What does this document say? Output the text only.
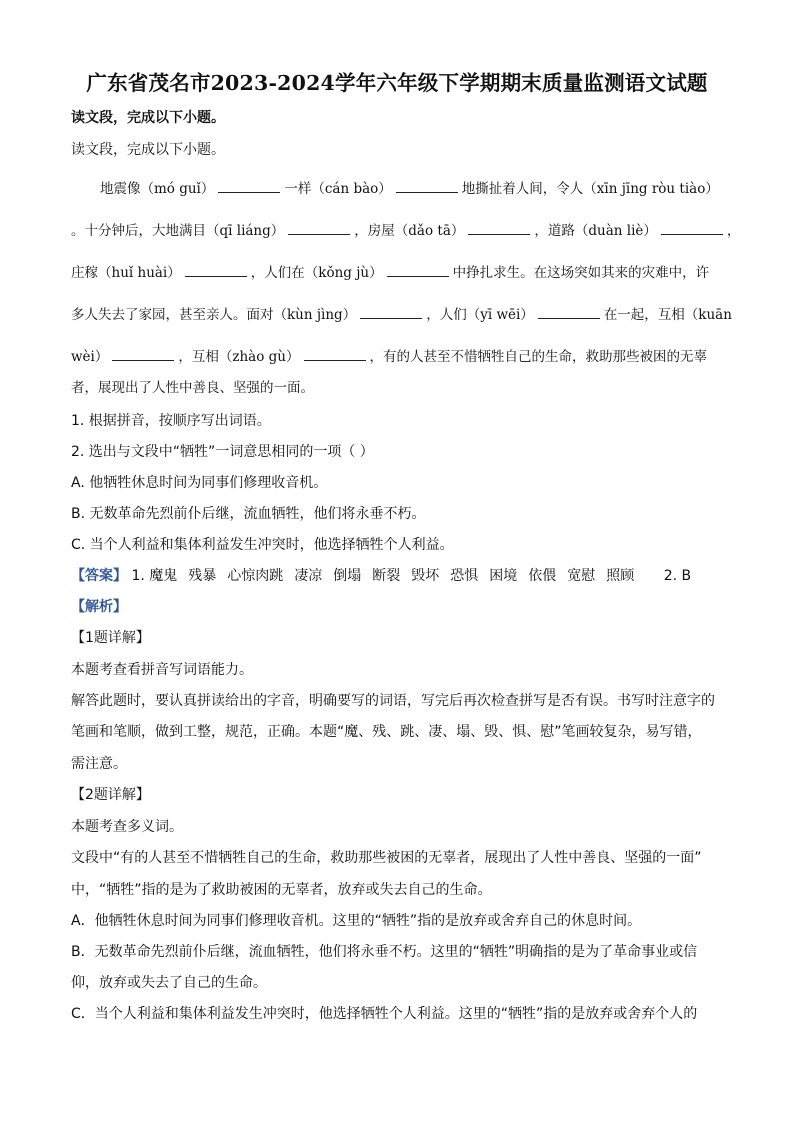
广东省茂名市2023-2024学年六年级下学期期末质量监测语文试题
读文段，完成以下小题。
读文段，完成以下小题。
地震像（mó guǐ）	一样（cán bào）	地撕扯着人间，令人（xīn jīng ròu tiào）
。十分钟后，大地满目（qī liáng）	，房屋（dǎo tā）	，道路（duàn liè）	，
庄稼（huǐ huài）	，人们在（kǒng jù）	中挣扎求生。在这场突如其来的灾难中，许
多人失去了家园，甚至亲人。面对（kùn jìng）	，人们（yī wēi）	在一起，互相（kuān
wèi）	，互相（zhào gù）	，有的人甚至不惜牺牲自己的生命，救助那些被困的无辜
者，展现出了人性中善良、坚强的一面。
1. 根据拼音，按顺序写出词语。
2. 选出与文段中“牺牲”一词意思相同的一项（ ）
A. 他牺牲休息时间为同事们修理收音机。
B. 无数革命先烈前仆后继，流血牺牲，他们将永垂不朽。
C. 当个人利益和集体利益发生冲突时，他选择牺牲个人利益。
【答案】 1. 魔鬼 残暴 心惊肉跳 凄凉 倒塌 断裂 毁坏 恐惧 困境 依偎 宽慰 照顾 2. B
【解析】
【1题详解】
本题考查看拼音写词语能力。
解答此题时，要认真拼读给出的字音，明确要写的词语，写完后再次检查拼写是否有误。书写时注意字的
笔画和笔顺，做到工整，规范，正确。本题“魔、残、跳、凄、塌、毁、惧、慰”笔画较复杂，易写错，
需注意。
【2题详解】
本题考查多义词。
文段中“有的人甚至不惜牺牲自己的生命，救助那些被困的无辜者，展现出了人性中善良、坚强的一面”
中，“牺牲”指的是为了救助被困的无辜者，放弃或失去自己的生命。
A．他牺牲休息时间为同事们修理收音机。这里的“牺牲”指的是放弃或舍弃自己的休息时间。
B．无数革命先烈前仆后继，流血牺牲，他们将永垂不朽。这里的“牺牲”明确指的是为了革命事业或信
仰，放弃或失去了自己的生命。
C．当个人利益和集体利益发生冲突时，他选择牺牲个人利益。这里的“牺牲”指的是放弃或舍弃个人的
